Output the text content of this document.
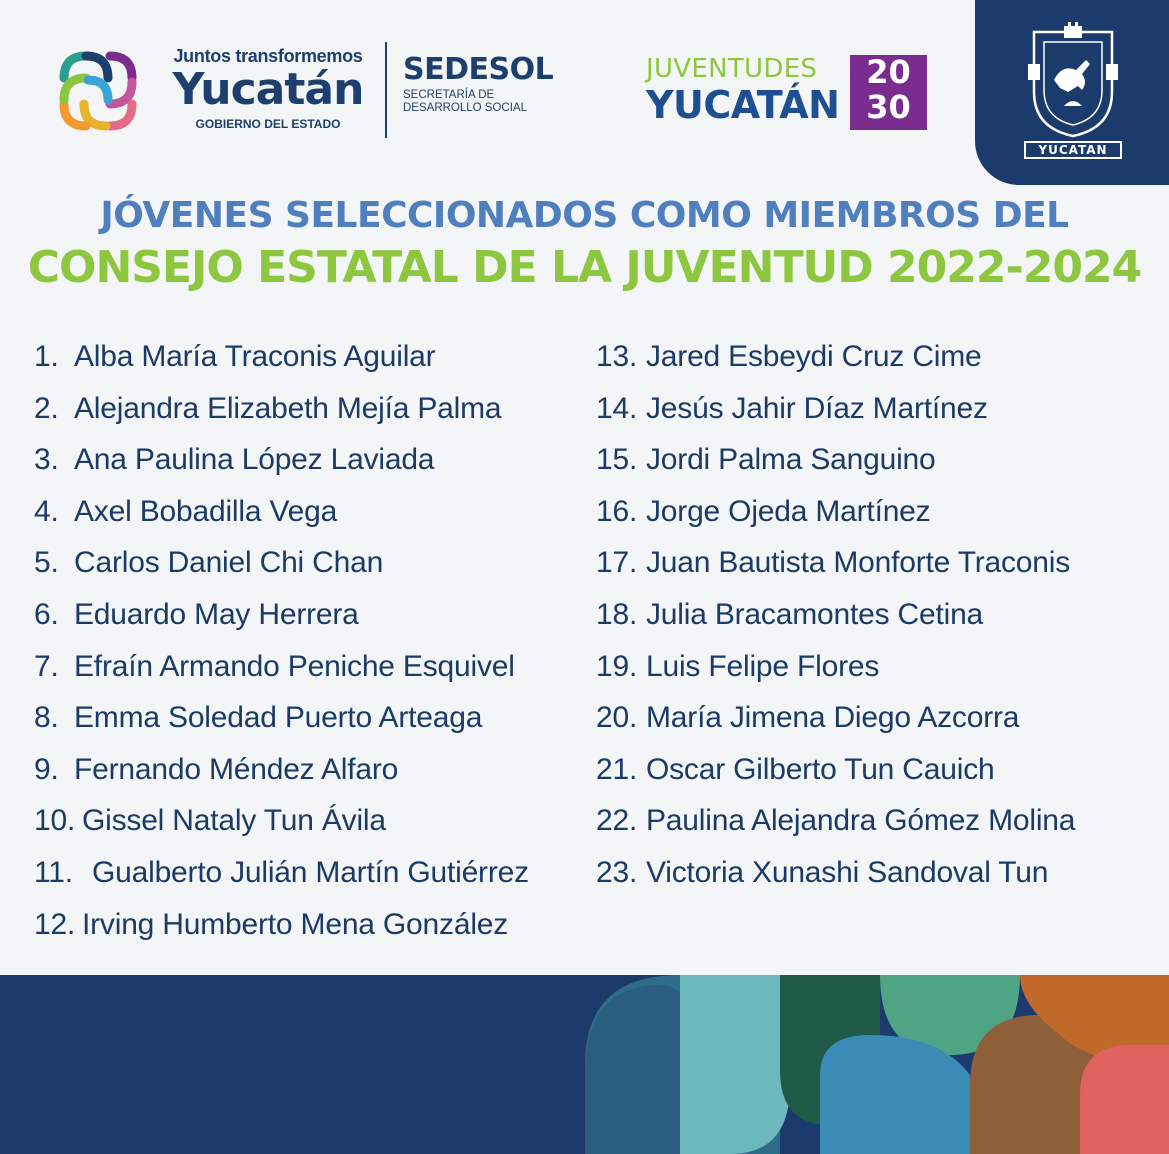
Juntos transformemos
Yucatán
GOBIERNO DEL ESTADO
SEDESOL
SECRETARÍA DE DESARROLLO SOCIAL
JUVENTUDES
YUCATÁN
20
30
YUCATAN
JÓVENES SELECCIONADOS COMO MIEMBROS DEL
CONSEJO ESTATAL DE LA JUVENTUD 2022-2024
1. Alba María Traconis Aguilar
2. Alejandra Elizabeth Mejía Palma
3. Ana Paulina López Laviada
4. Axel Bobadilla Vega
5. Carlos Daniel Chi Chan
6. Eduardo May Herrera
7. Efraín Armando Peniche Esquivel
8. Emma Soledad Puerto Arteaga
9. Fernando Méndez Alfaro
10. Gissel Nataly Tun Ávila
11. Gualberto Julián Martín Gutiérrez
12. Irving Humberto Mena González
13. Jared Esbeydi Cruz Cime
14. Jesús Jahir Díaz Martínez
15. Jordi Palma Sanguino
16. Jorge Ojeda Martínez
17. Juan Bautista Monforte Traconis
18. Julia Bracamontes Cetina
19. Luis Felipe Flores
20. María Jimena Diego Azcorra
21. Oscar Gilberto Tun Cauich
22. Paulina Alejandra Gómez Molina
23. Victoria Xunashi Sandoval Tun
